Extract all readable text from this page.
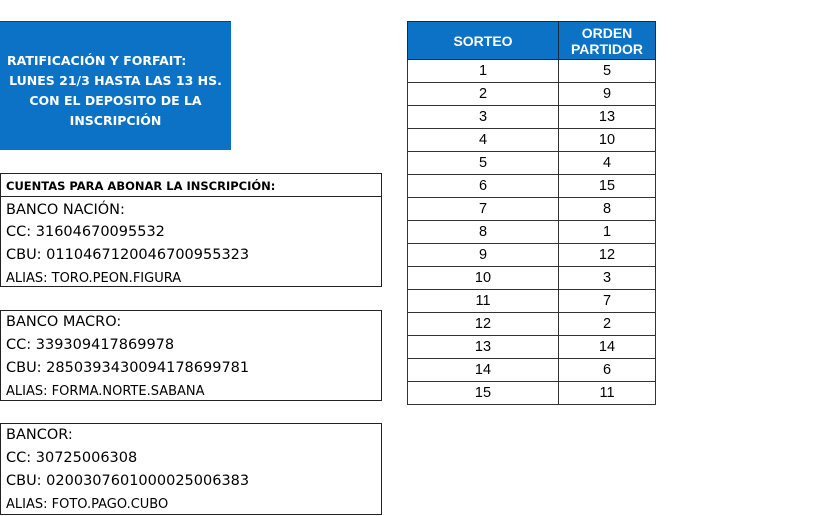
RATIFICACIÓN Y FORFAIT:
LUNES 21/3 HASTA LAS 13 HS.
CON EL DEPOSITO DE LA
INSCRIPCIÓN
CUENTAS PARA ABONAR LA INSCRIPCIÓN:
BANCO NACIÓN:
CC: 31604670095532
CBU: 0110467120046700955323
ALIAS: TORO.PEON.FIGURA
BANCO MACRO:
CC: 339309417869978
CBU: 2850393430094178699781
ALIAS: FORMA.NORTE.SABANA
BANCOR:
CC: 30725006308
CBU: 0200307601000025006383
ALIAS: FOTO.PAGO.CUBO
SORTEO	ORDEN
PARTIDOR
1	5
2	9
3	13
4	10
5	4
6	15
7	8
8	1
9	12
10	3
11	7
12	2
13	14
14	6
15	11
